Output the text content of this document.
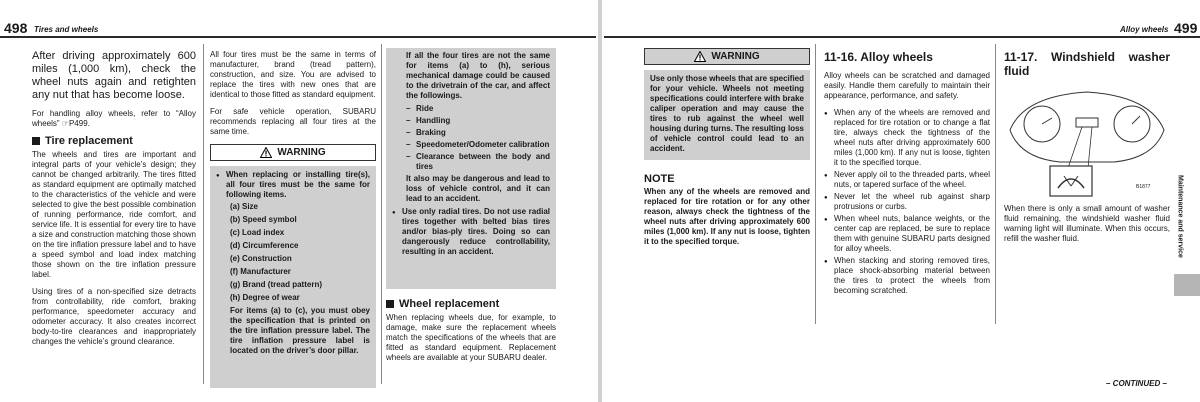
498 Tires and wheels	Alloy wheels 499

After driving approximately 600 miles (1,000 km), check the wheel nuts again and retighten any nut that has become loose.

For handling alloy wheels, refer to “Alloy wheels” ☞P499.

Tire replacement

The wheels and tires are important and integral parts of your vehicle’s design; they cannot be changed arbitrarily. The tires fitted as standard equipment are optimally matched to the characteristics of the vehicle and were selected to give the best possible combination of running performance, ride comfort, and service life. It is essential for every tire to have a size and construction matching those shown on the tire inflation pressure label and to have a speed symbol and load index matching those shown on the tire inflation pressure label.

Using tires of a non-specified size detracts from controllability, ride comfort, braking performance, speedometer accuracy and odometer accuracy. It also creates incorrect body-to-tire clearances and inappropriately changes the vehicle’s ground clearance.

All four tires must be the same in terms of manufacturer, brand (tread pattern), construction, and size. You are advised to replace the tires with new ones that are identical to those fitted as standard equipment.

For safe vehicle operation, SUBARU recommends replacing all four tires at the same time.

WARNING
● When replacing or installing tire(s), all four tires must be the same for following items.
(a) Size
(b) Speed symbol
(c) Load index
(d) Circumference
(e) Construction
(f) Manufacturer
(g) Brand (tread pattern)
(h) Degree of wear

For items (a) to (c), you must obey the specification that is printed on the tire inflation pressure label. The tire inflation pressure label is located on the driver’s door pillar.

If all the four tires are not the same for items (a) to (h), serious mechanical damage could be caused to the drivetrain of the car, and affect the followings.

– Ride
– Handling
– Braking
– Speedometer/Odometer calibration
– Clearance between the body and tires

It also may be dangerous and lead to loss of vehicle control, and it can lead to an accident.

● Use only radial tires. Do not use radial tires together with belted bias tires and/or bias-ply tires. Doing so can dangerously reduce controllability, resulting in an accident.
Wheel replacement

When replacing wheels due, for example, to damage, make sure the replacement wheels match the specifications of the wheels that are fitted as standard equipment. Replacement wheels are available at your SUBARU dealer.

WARNING

Use only those wheels that are specified for your vehicle. Wheels not meeting specifications could interfere with brake caliper operation and may cause the tires to rub against the wheel well housing during turns. The resulting loss of vehicle control could lead to an accident.

NOTE

When any of the wheels are removed and replaced for tire rotation or for any other reason, always check the tightness of the wheel nuts after driving approximately 600 miles (1,000 km). If any nut is loose, tighten it to the specified torque.

11-16. Alloy wheels

Alloy wheels can be scratched and damaged easily. Handle them carefully to maintain their appearance, performance, and safety.

● When any of the wheels are removed and replaced for tire rotation or to change a flat tire, always check the tightness of the wheel nuts after driving approximately 600 miles (1,000 km). If any nut is loose, tighten it to the specified torque.
● Never apply oil to the threaded parts, wheel nuts, or tapered surface of the wheel.
● Never let the wheel rub against sharp protrusions or curbs.
● When wheel nuts, balance weights, or the center cap are replaced, be sure to replace them with genuine SUBARU parts designed for alloy wheels.
● When stacking and storing removed tires, place shock-absorbing material between the tires to protect the wheels from becoming scratched.
11-17. Windshield washer fluid
B1877

When there is only a small amount of washer fluid remaining, the windshield washer fluid warning light will illuminate. When this occurs, refill the washer fluid.	Maintenance and service
– CONTINUED –
